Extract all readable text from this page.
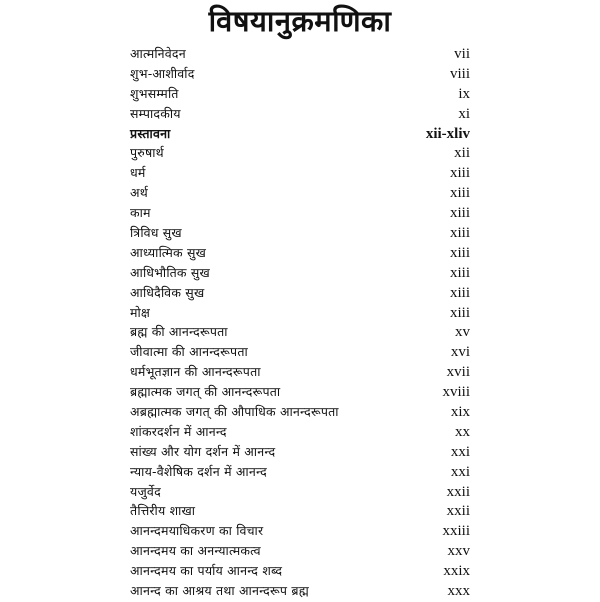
विषयानुक्रमणिका
आत्मनिवेदन	vii
शुभ-आशीर्वाद	viii
शुभसम्मति	ix
सम्पादकीय	xi
प्रस्तावना	xii-xliv
पुरुषार्थ	xii
धर्म	xiii
अर्थ	xiii
काम	xiii
त्रिविध सुख	xiii
आध्यात्मिक सुख	xiii
आधिभौतिक सुख	xiii
आधिदैविक सुख	xiii
मोक्ष	xiii
ब्रह्म की आनन्दरूपता	xv
जीवात्मा की आनन्दरूपता	xvi
धर्मभूतज्ञान की आनन्दरूपता	xvii
ब्रह्मात्मक जगत् की आनन्दरूपता	xviii
अब्रह्मात्मक जगत् की औपाधिक आनन्दरूपता	xix
शांकरदर्शन में आनन्द	xx
सांख्य और योग दर्शन में आनन्द	xxi
न्याय-वैशेषिक दर्शन में आनन्द	xxi
यजुर्वेद	xxii
तैत्तिरीय शाखा	xxii
आनन्दमयाधिकरण का विचार	xxiii
आनन्दमय का अनन्यात्मकत्व	xxv
आनन्दमय का पर्याय आनन्द शब्द	xxix
आनन्द का आश्रय तथा आनन्दरूप ब्रह्म	xxx
